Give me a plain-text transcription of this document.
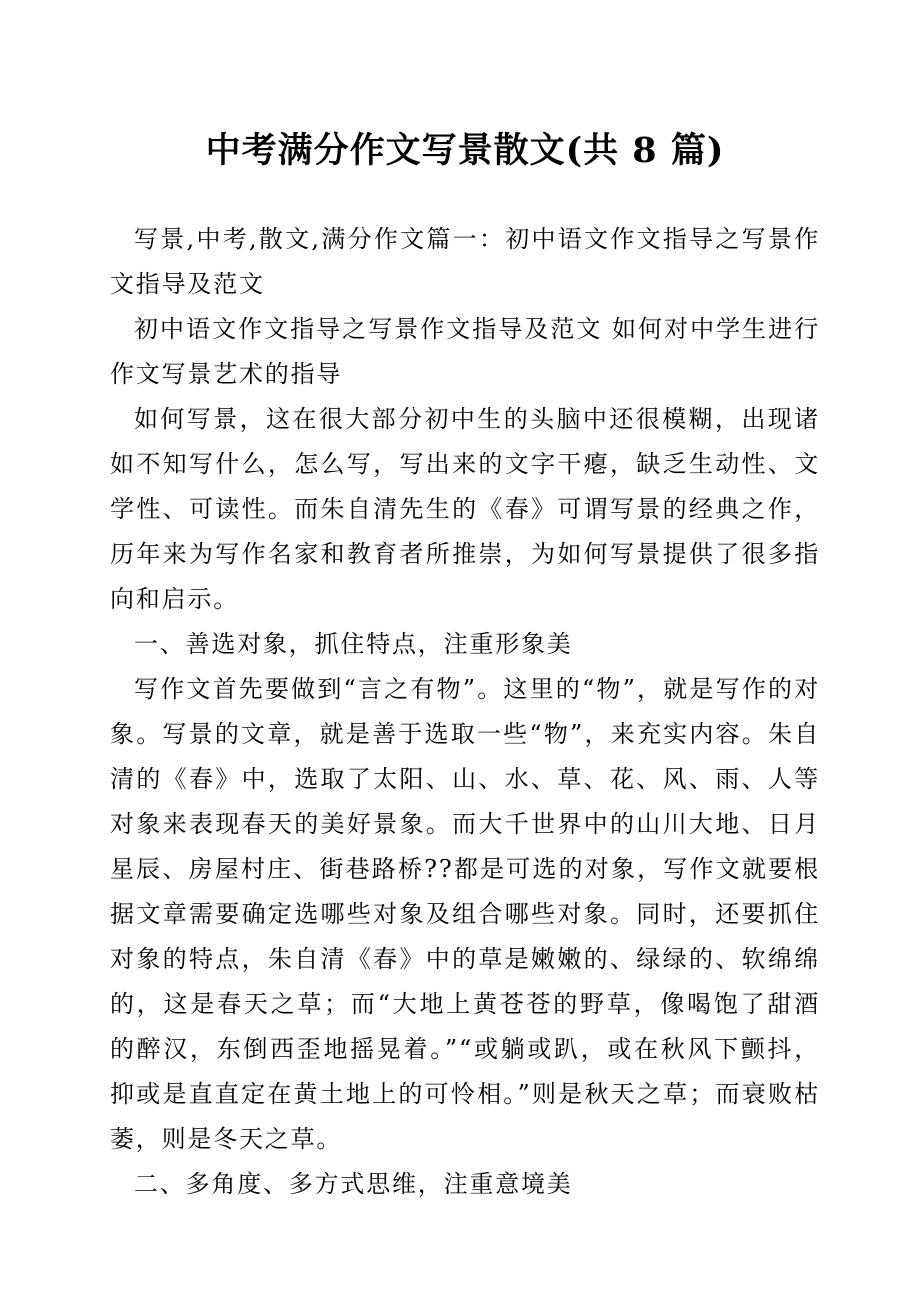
中考满分作文写景散文(共 8 篇)

写景,中考,散文,满分作文篇一：初中语文作文指导之写景作文指导及范文

初中语文作文指导之写景作文指导及范文 如何对中学生进行作文写景艺术的指导

如何写景，这在很大部分初中生的头脑中还很模糊，出现诸如不知写什么，怎么写，写出来的文字干瘪，缺乏生动性、文学性、可读性。而朱自清先生的《春》可谓写景的经典之作，历年来为写作名家和教育者所推崇，为如何写景提供了很多指向和启示。

一、善选对象，抓住特点，注重形象美

写作文首先要做到“言之有物”。这里的“物”，就是写作的对象。写景的文章，就是善于选取一些“物”，来充实内容。朱自清的《春》中，选取了太阳、山、水、草、花、风、雨、人等对象来表现春天的美好景象。而大千世界中的山川大地、日月星辰、房屋村庄、街巷路桥??都是可选的对象，写作文就要根据文章需要确定选哪些对象及组合哪些对象。同时，还要抓住对象的特点，朱自清《春》中的草是嫩嫩的、绿绿的、软绵绵的，这是春天之草；而“大地上黄苍苍的野草，像喝饱了甜酒的醉汉，东倒西歪地摇晃着。”“或躺或趴，或在秋风下颤抖，抑或是直直定在黄土地上的可怜相。”则是秋天之草；而衰败枯萎，则是冬天之草。

二、多角度、多方式思维，注重意境美
